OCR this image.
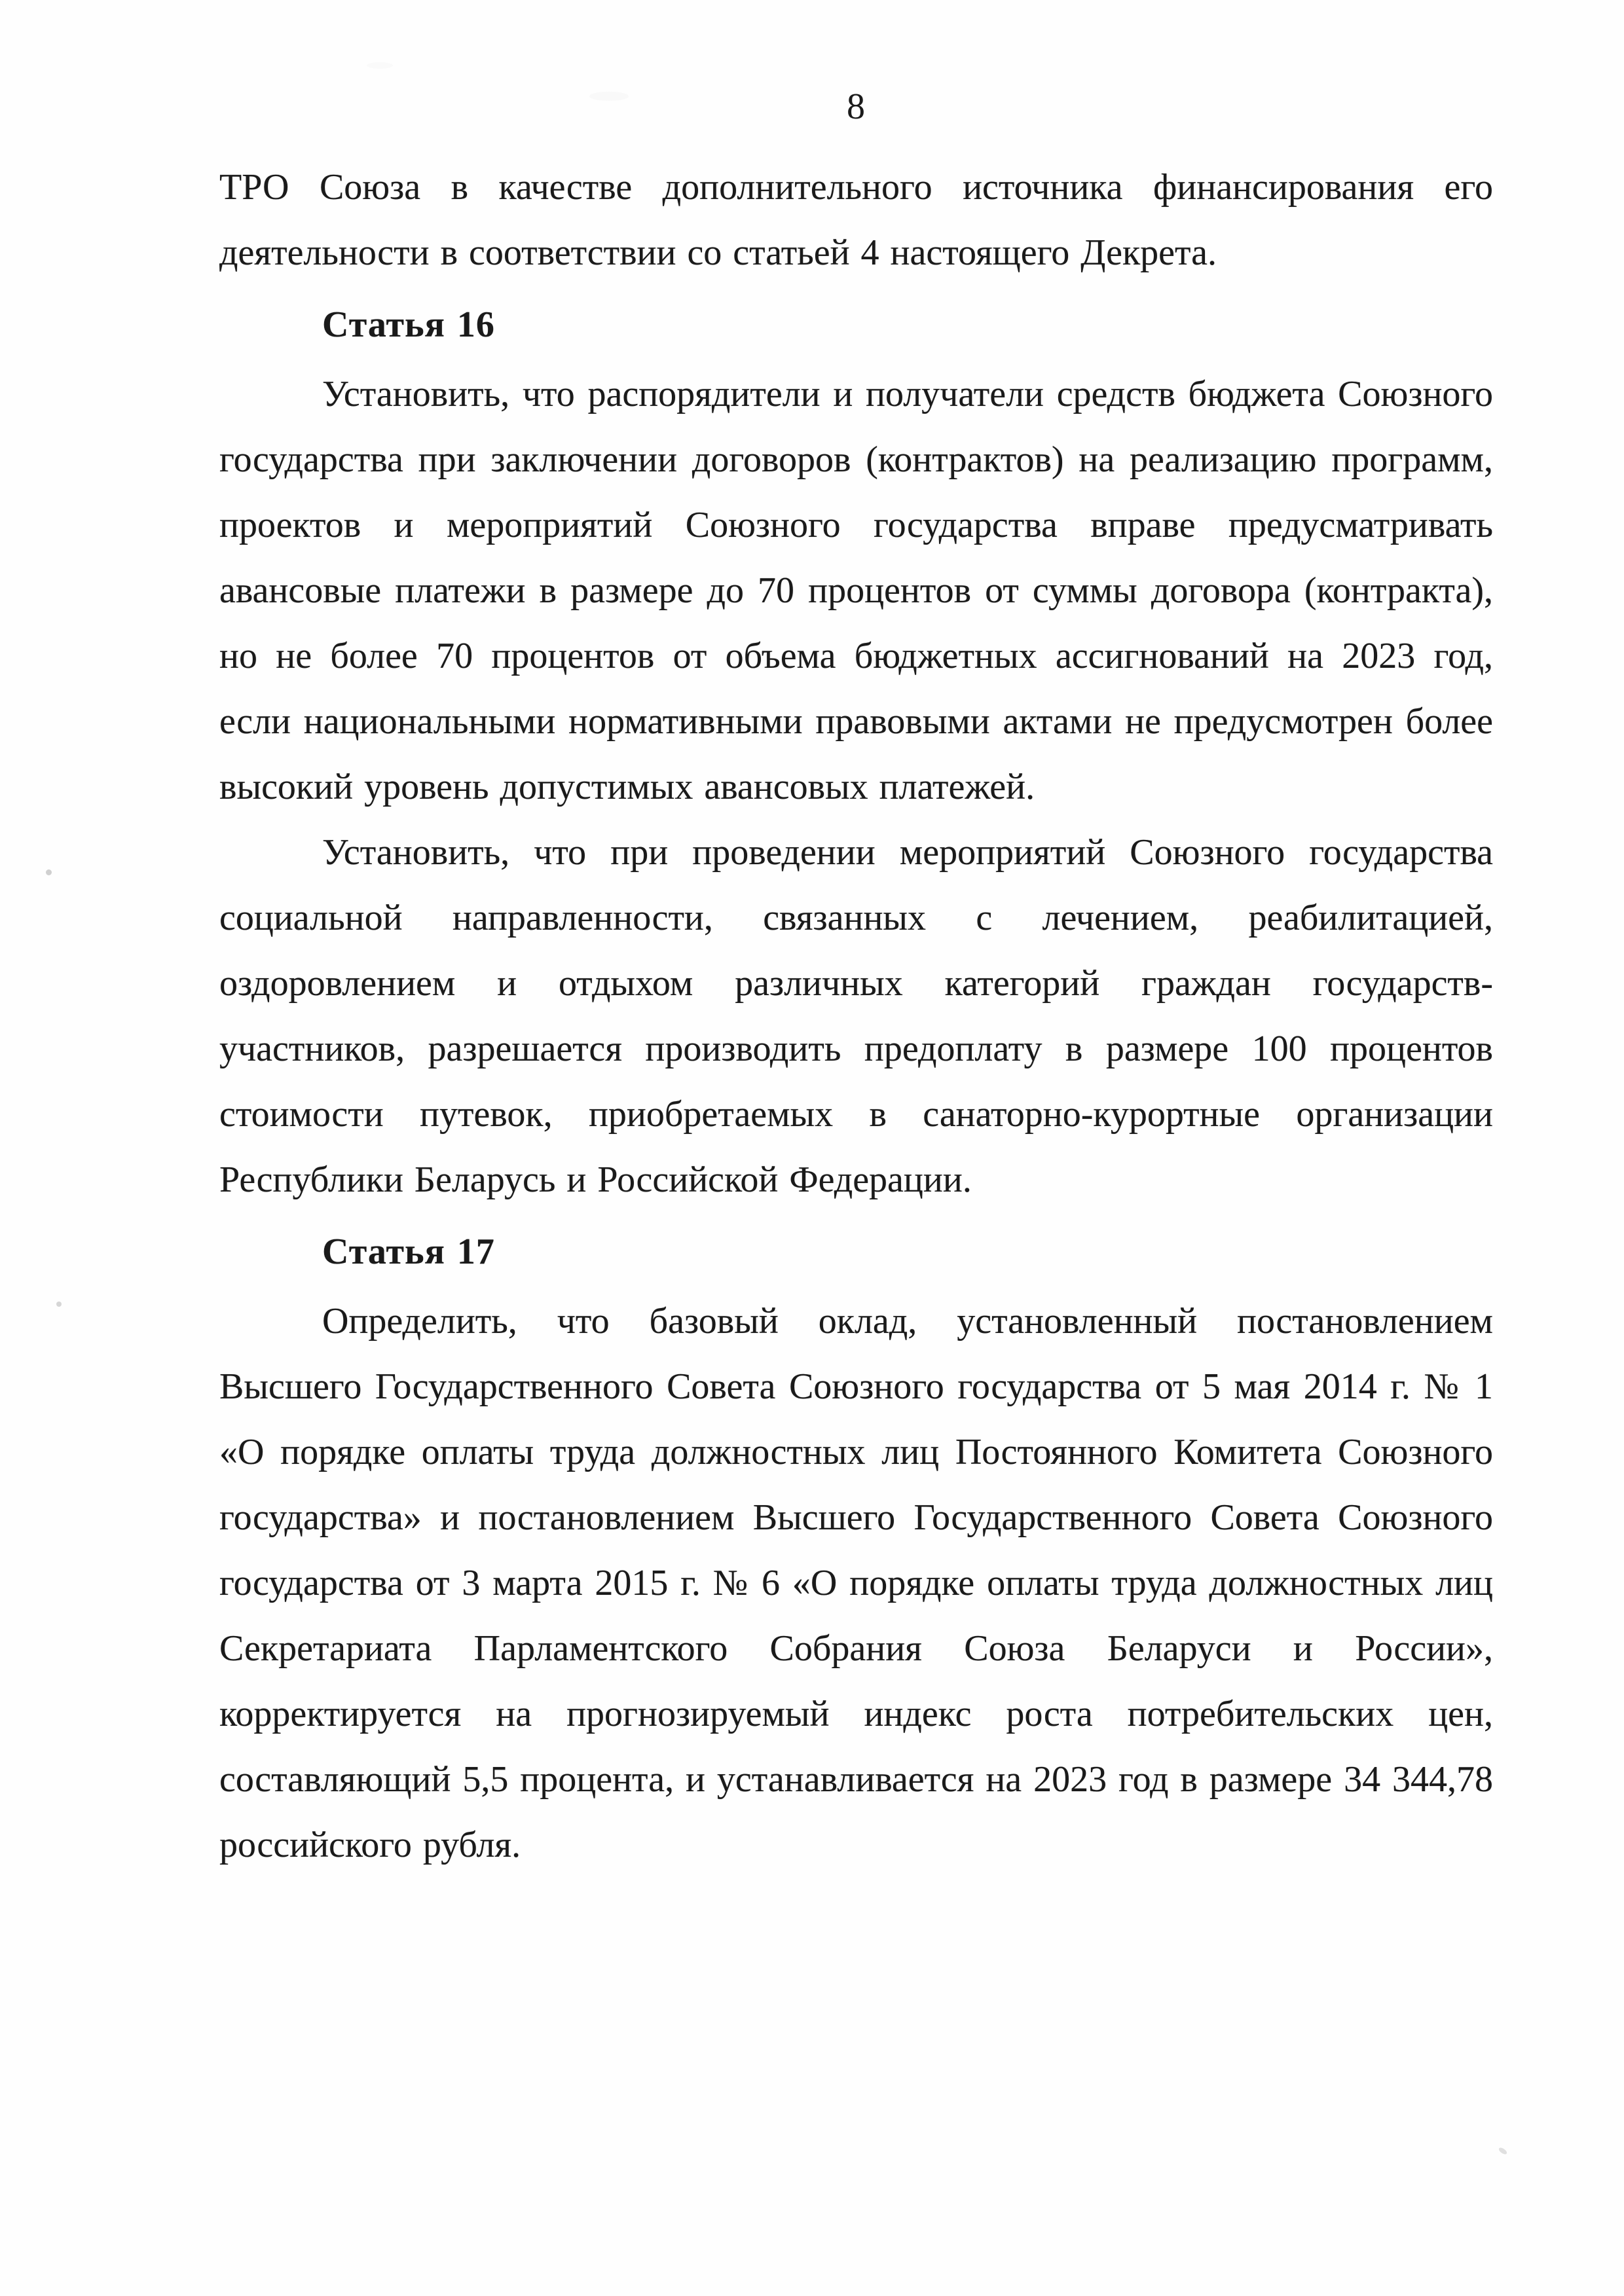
8

ТРО Союза в качестве дополнительного источника финансирования его деятельности в соответствии со статьей 4 настоящего Декрета.

Статья 16

Установить, что распорядители и получатели средств бюджета Союзного государства при заключении договоров (контрактов) на реализацию программ, проектов и мероприятий Союзного государства вправе предусматривать авансовые платежи в размере до 70 процентов от суммы договора (контракта), но не более 70 процентов от объема бюджетных ассигнований на 2023 год, если национальными нормативными правовыми актами не предусмотрен более высокий уровень допустимых авансовых платежей.

Установить, что при проведении мероприятий Союзного государства социальной направленности, связанных с лечением, реабилитацией, оздоровлением и отдыхом различных категорий граждан государств-участников, разрешается производить предоплату в размере 100 процентов стоимости путевок, приобретаемых в санаторно-курортные организации Республики Беларусь и Российской Федерации.

Статья 17

Определить, что базовый оклад, установленный постановлением Высшего Государственного Совета Союзного государства от 5 мая 2014 г. № 1 «О порядке оплаты труда должностных лиц Постоянного Комитета Союзного государства» и постановлением Высшего Государственного Совета Союзного государства от 3 марта 2015 г. № 6 «О порядке оплаты труда должностных лиц Секретариата Парламентского Собрания Союза Беларуси и России», корректируется на прогнозируемый индекс роста потребительских цен, составляющий 5,5 процента, и устанавливается на 2023 год в размере 34 344,78 российского рубля.
